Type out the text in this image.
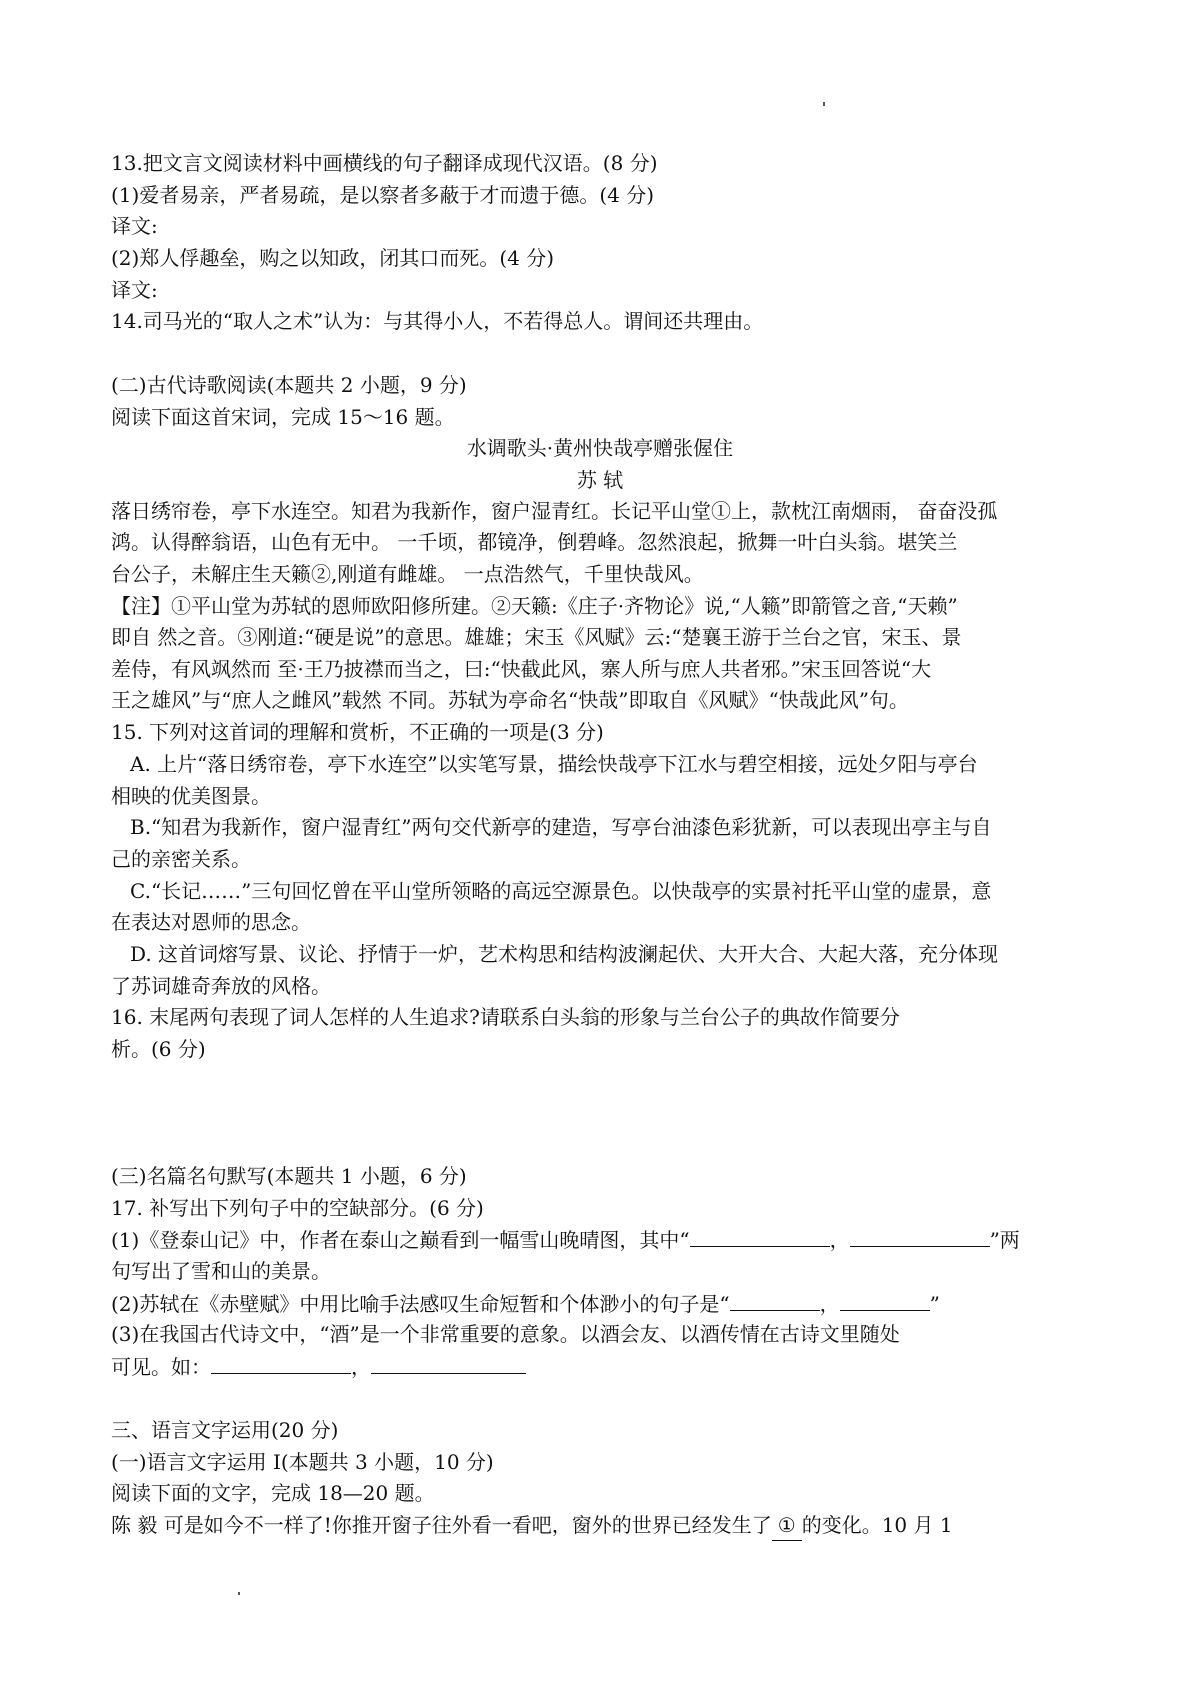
13.把文言文阅读材料中画横线的句子翻译成现代汉语。(8 分)
(1)爱者易亲，严者易疏，是以察者多蔽于才而遗于德。(4 分)
译文:
(2)郑人俘趣垒，购之以知政，闭其口而死。(4 分)
译文:
14.司马光的“取人之术”认为：与其得小人，不若得总人。谓间还共理由。
(二)古代诗歌阅读(本题共 2 小题，9 分)
阅读下面这首宋词，完成 15～16 题。
水调歌头·黄州快哉亭赠张偓住
苏 轼
落日绣帘卷，亭下水连空。知君为我新作，窗户湿青红。长记平山堂①上，款枕江南烟雨， 奋奋没孤
鸿。认得醉翁语，山色有无中。 一千顷，都镜净，倒碧峰。忽然浪起，掀舞一叶白头翁。堪笑兰
台公子，未解庄生天籁②,刚道有雌雄。 一点浩然气，千里快哉风。
【注】①平山堂为苏轼的恩师欧阳修所建。②天籁:《庄子·齐物论》说,“人籁”即箭管之音,“天赖”
即自 然之音。③刚道:“硬是说”的意思。雄雄；宋玉《风赋》云:“楚襄王游于兰台之官，宋玉、景
差侍，有风飒然而 至·王乃披襟而当之，曰:“快截此风，寨人所与庶人共者邪。”宋玉回答说“大
王之雄风”与“庶人之雌风”载然 不同。苏轼为亭命名“快哉”即取自《风赋》“快哉此风”句。
15. 下列对这首词的理解和赏析，不正确的一项是(3 分)
A. 上片“落日绣帘卷，亭下水连空”以实笔写景，描绘快哉亭下江水与碧空相接，远处夕阳与亭台
相映的优美图景。
B.“知君为我新作，窗户湿青红”两句交代新亭的建造，写亭台油漆色彩犹新，可以表现出亭主与自
己的亲密关系。
C.“长记……”三句回忆曾在平山堂所领略的高远空源景色。以快哉亭的实景衬托平山堂的虚景，意
在表达对恩师的思念。
D. 这首词熔写景、议论、抒情于一炉，艺术构思和结构波澜起伏、大开大合、大起大落，充分体现
了苏词雄奇奔放的风格。
16. 末尾两句表现了词人怎样的人生追求?请联系白头翁的形象与兰台公子的典故作简要分
析。(6 分)
(三)名篇名句默写(本题共 1 小题，6 分)
17. 补写出下列句子中的空缺部分。(6 分)
(1)《登泰山记》中，作者在泰山之巅看到一幅雪山晚晴图，其中“	，	”两
句写出了雪和山的美景。
(2)苏轼在《赤壁赋》中用比喻手法感叹生命短暂和个体渺小的句子是“	，	”
(3)在我国古代诗文中，“酒”是一个非常重要的意象。以酒会友、以酒传情在古诗文里随处
可见。如：	，
三、语言文字运用(20 分)
(一)语言文字运用 I(本题共 3 小题，10 分)
阅读下面的文字，完成 18—20 题。
陈 毅 可是如今不一样了!你推开窗子往外看一看吧，窗外的世界已经发生了 ① 的变化。10 月 1
